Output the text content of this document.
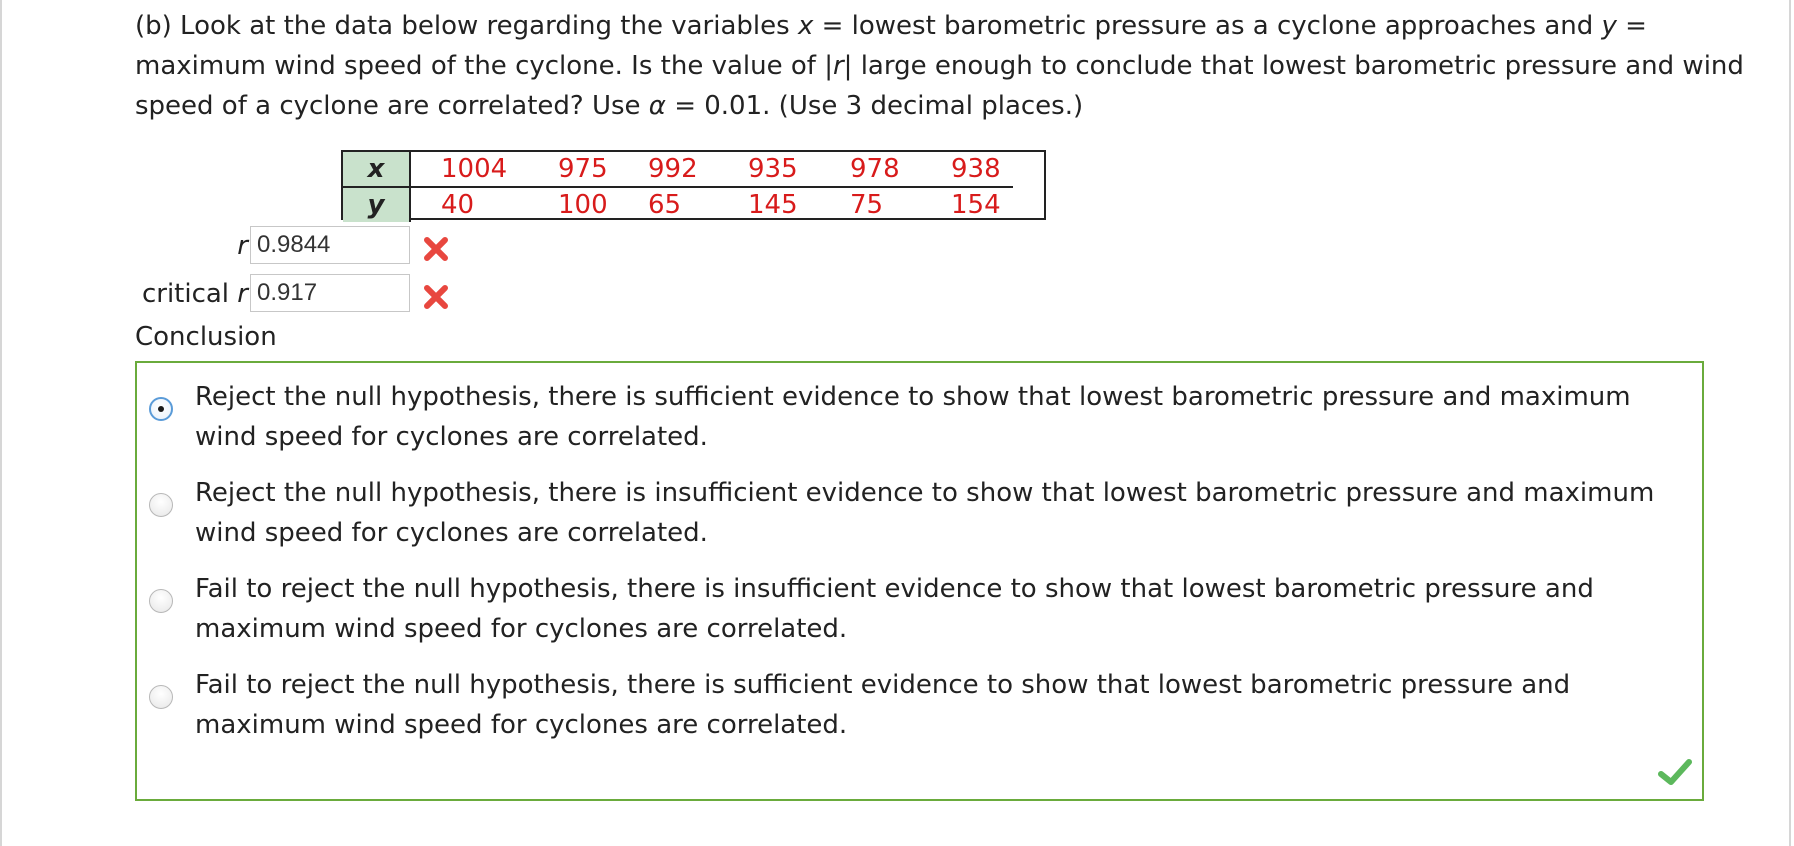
(b) Look at the data below regarding the variables x = lowest barometric pressure as a cyclone approaches and y = maximum wind speed of the cyclone. Is the value of |r| large enough to conclude that lowest barometric pressure and wind speed of a cyclone are correlated? Use α = 0.01. (Use 3 decimal places.)
x	1004	975	992	935	978	938
y	40	100	65	145	75	154
r 0.9844
critical r 0.917
Conclusion
Reject the null hypothesis, there is sufficient evidence to show that lowest barometric pressure and maximum wind speed for cyclones are correlated.
Reject the null hypothesis, there is insufficient evidence to show that lowest barometric pressure and maximum wind speed for cyclones are correlated.
Fail to reject the null hypothesis, there is insufficient evidence to show that lowest barometric pressure and maximum wind speed for cyclones are correlated.
Fail to reject the null hypothesis, there is sufficient evidence to show that lowest barometric pressure and maximum wind speed for cyclones are correlated.
